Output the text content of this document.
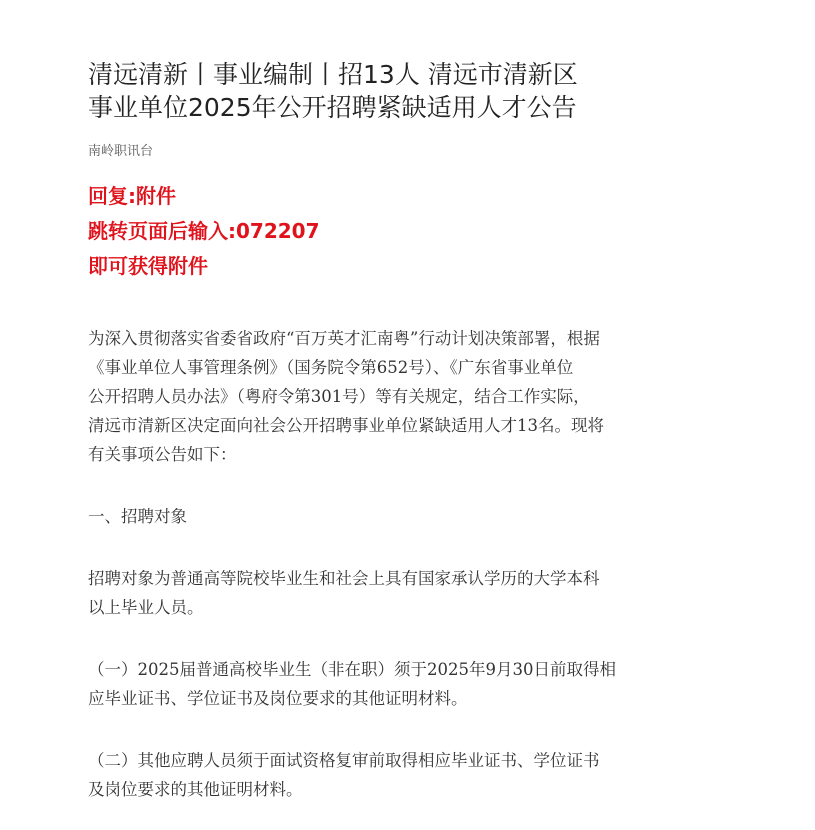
清远清新丨事业编制丨招13人 清远市清新区
事业单位2025年公开招聘紧缺适用人才公告
南岭职讯台
回复:附件
跳转页面后输入:072207
即可获得附件

为深入贯彻落实省委省政府“百万英才汇南粤”行动计划决策部署，根据
《事业单位人事管理条例》（国务院令第652号）、《广东省事业单位
公开招聘人员办法》（粤府令第301号）等有关规定，结合工作实际，
清远市清新区决定面向社会公开招聘事业单位紧缺适用人才13名。现将
有关事项公告如下：

一、招聘对象

招聘对象为普通高等院校毕业生和社会上具有国家承认学历的大学本科
以上毕业人员。

（一）2025届普通高校毕业生（非在职）须于2025年9月30日前取得相
应毕业证书、学位证书及岗位要求的其他证明材料。

（二）其他应聘人员须于面试资格复审前取得相应毕业证书、学位证书
及岗位要求的其他证明材料。
